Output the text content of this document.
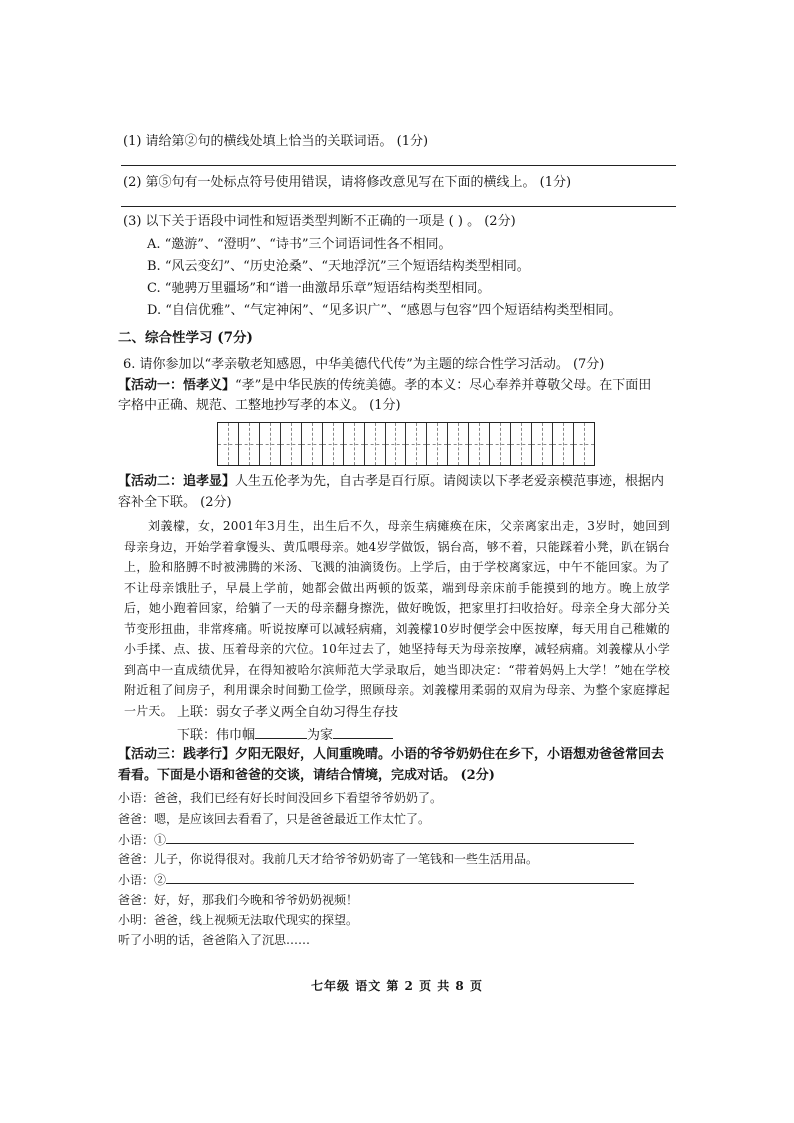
(1) 请给第②句的横线处填上恰当的关联词语。 (1分)
(2) 第⑤句有一处标点符号使用错误，请将修改意见写在下面的横线上。 (1分)
(3) 以下关于语段中词性和短语类型判断不正确的一项是 ( ) 。 (2分)
A. “邀游”、“澄明”、“诗书”三个词语词性各不相同。
B. “风云变幻”、“历史沧桑”、“天地浮沉”三个短语结构类型相同。
C. “驰骋万里疆场”和“谱一曲激昂乐章”短语结构类型相同。
D. “自信优雅”、“气定神闲”、“见多识广”、“感恩与包容”四个短语结构类型相同。
二、综合性学习 (7分)
6. 请你参加以“孝亲敬老知感恩，中华美德代代传”为主题的综合性学习活动。 (7分)
【活动一：悟孝义】“孝”是中华民族的传统美德。孝的本义：尽心奉养并尊敬父母。在下面田
字格中正确、规范、工整地抄写孝的本义。 (1分)
【活动二：追孝显】人生五伦孝为先，自古孝是百行原。请阅读以下孝老爱亲模范事迹，根据内
容补全下联。 (2分)

刘義檬，女，2001年3月生，出生后不久，母亲生病瘫痪在床，父亲离家出走，3岁时，她回到母亲身边，开始学着拿馒头、黄瓜喂母亲。她4岁学做饭，锅台高，够不着，只能踩着小凳，趴在锅台上，脸和胳膊不时被沸腾的米汤、飞溅的油滴烫伤。上学后，由于学校离家远，中午不能回家。为了不让母亲饿肚子，早晨上学前，她都会做出两顿的饭菜，端到母亲床前手能摸到的地方。晚上放学后，她小跑着回家，给躺了一天的母亲翻身擦洗，做好晚饭，把家里打扫收拾好。母亲全身大部分关节变形扭曲，非常疼痛。听说按摩可以减轻病痛，刘義檬10岁时便学会中医按摩，每天用自己稚嫩的小手揉、点、拔、压着母亲的穴位。10年过去了，她坚持每天为母亲按摩，减轻病痛。刘義檬从小学到高中一直成绩优异，在得知被哈尔滨师范大学录取后，她当即决定：“带着妈妈上大学！”她在学校附近租了间房子，利用课余时间勤工俭学，照顾母亲。刘義檬用柔弱的双肩为母亲、为整个家庭撑起一片天。 上联：弱女子孝义两全自幼习得生存技
下联：伟巾帼	为家
【活动三：践孝行】夕阳无限好，人间重晚晴。小语的爷爷奶奶住在乡下，小语想劝爸爸常回去
看看。下面是小语和爸爸的交谈，请结合情境，完成对话。 (2分)
小语：爸爸，我们已经有好长时间没回乡下看望爷爷奶奶了。
爸爸：嗯，是应该回去看看了，只是爸爸最近工作太忙了。
小语：①
爸爸：儿子，你说得很对。我前几天才给爷爷奶奶寄了一笔钱和一些生活用品。
小语：②
爸爸：好，好，那我们今晚和爷爷奶奶视频！
小明：爸爸，线上视频无法取代现实的探望。
听了小明的话，爸爸陷入了沉思……
七年级 语文 第 2 页 共 8 页
